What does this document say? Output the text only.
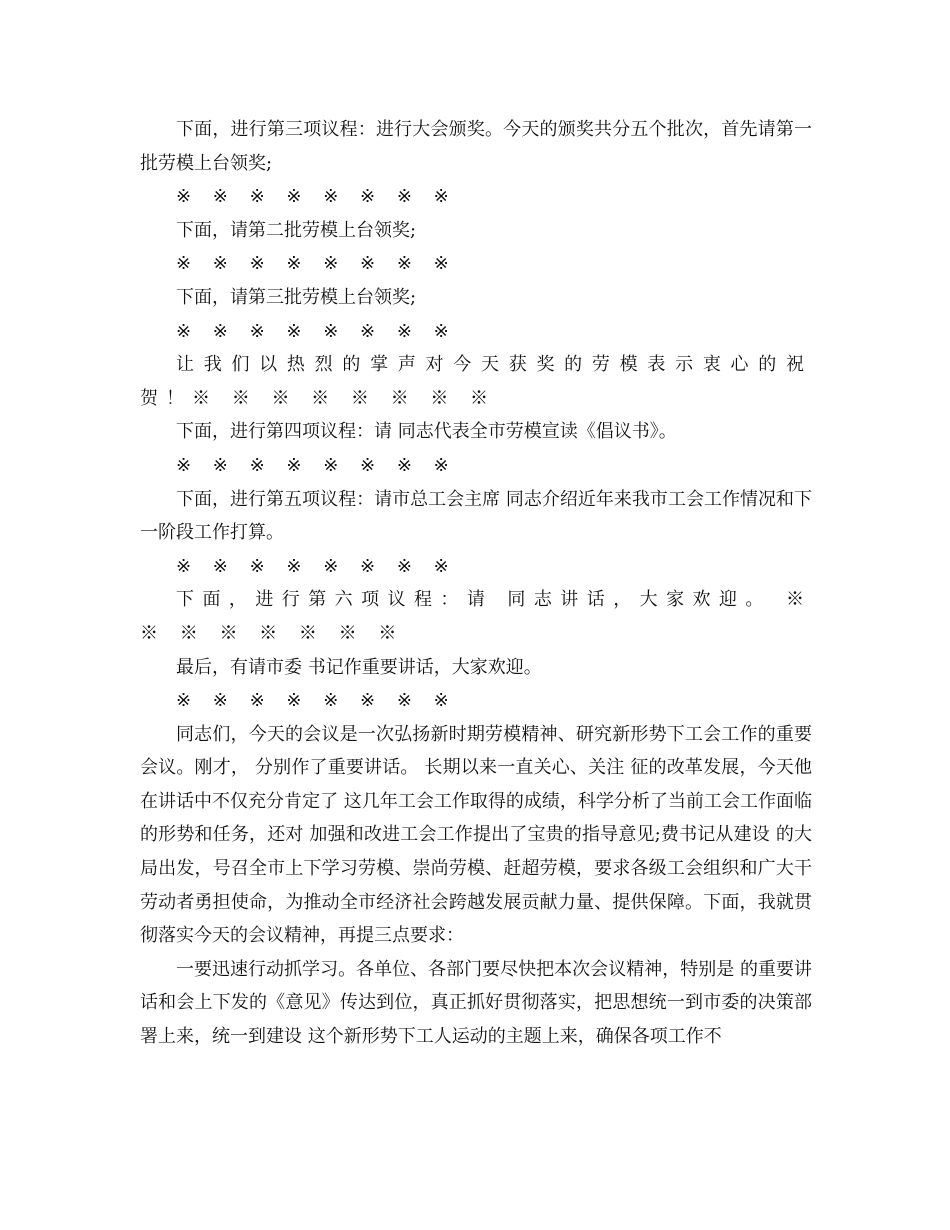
下面，进行第三项议程：进行大会颁奖。今天的颁奖共分五个批次，首先请第一批劳模上台领奖;

※ ※ ※ ※ ※ ※ ※ ※

下面，请第二批劳模上台领奖;

※ ※ ※ ※ ※ ※ ※ ※

下面，请第三批劳模上台领奖;

※ ※ ※ ※ ※ ※ ※ ※

让我们以热烈的掌声对今天获奖的劳模表示衷心的祝贺！※ ※ ※ ※ ※ ※ ※ ※

下面，进行第四项议程：请 同志代表全市劳模宣读《倡议书》。

※ ※ ※ ※ ※ ※ ※ ※

下面，进行第五项议程：请市总工会主席 同志介绍近年来我市工会工作情况和下一阶段工作打算。

※ ※ ※ ※ ※ ※ ※ ※

下面，进行第六项议程：请 同志讲话，大家欢迎。 ※ ※ ※ ※ ※ ※ ※ ※

最后，有请市委 书记作重要讲话，大家欢迎。

※ ※ ※ ※ ※ ※ ※ ※

同志们，今天的会议是一次弘扬新时期劳模精神、研究新形势下工会工作的重要会议。刚才， 分别作了重要讲话。 长期以来一直关心、关注 征的改革发展，今天他在讲话中不仅充分肯定了 这几年工会工作取得的成绩，科学分析了当前工会工作面临的形势和任务，还对 加强和改进工会工作提出了宝贵的指导意见;费书记从建设 的大局出发，号召全市上下学习劳模、崇尚劳模、赶超劳模，要求各级工会组织和广大干劳动者勇担使命，为推动全市经济社会跨越发展贡献力量、提供保障。下面，我就贯彻落实今天的会议精神，再提三点要求：

一要迅速行动抓学习。各单位、各部门要尽快把本次会议精神，特别是 的重要讲话和会上下发的《意见》传达到位，真正抓好贯彻落实，把思想统一到市委的决策部署上来，统一到建设 这个新形势下工人运动的主题上来，确保各项工作不
